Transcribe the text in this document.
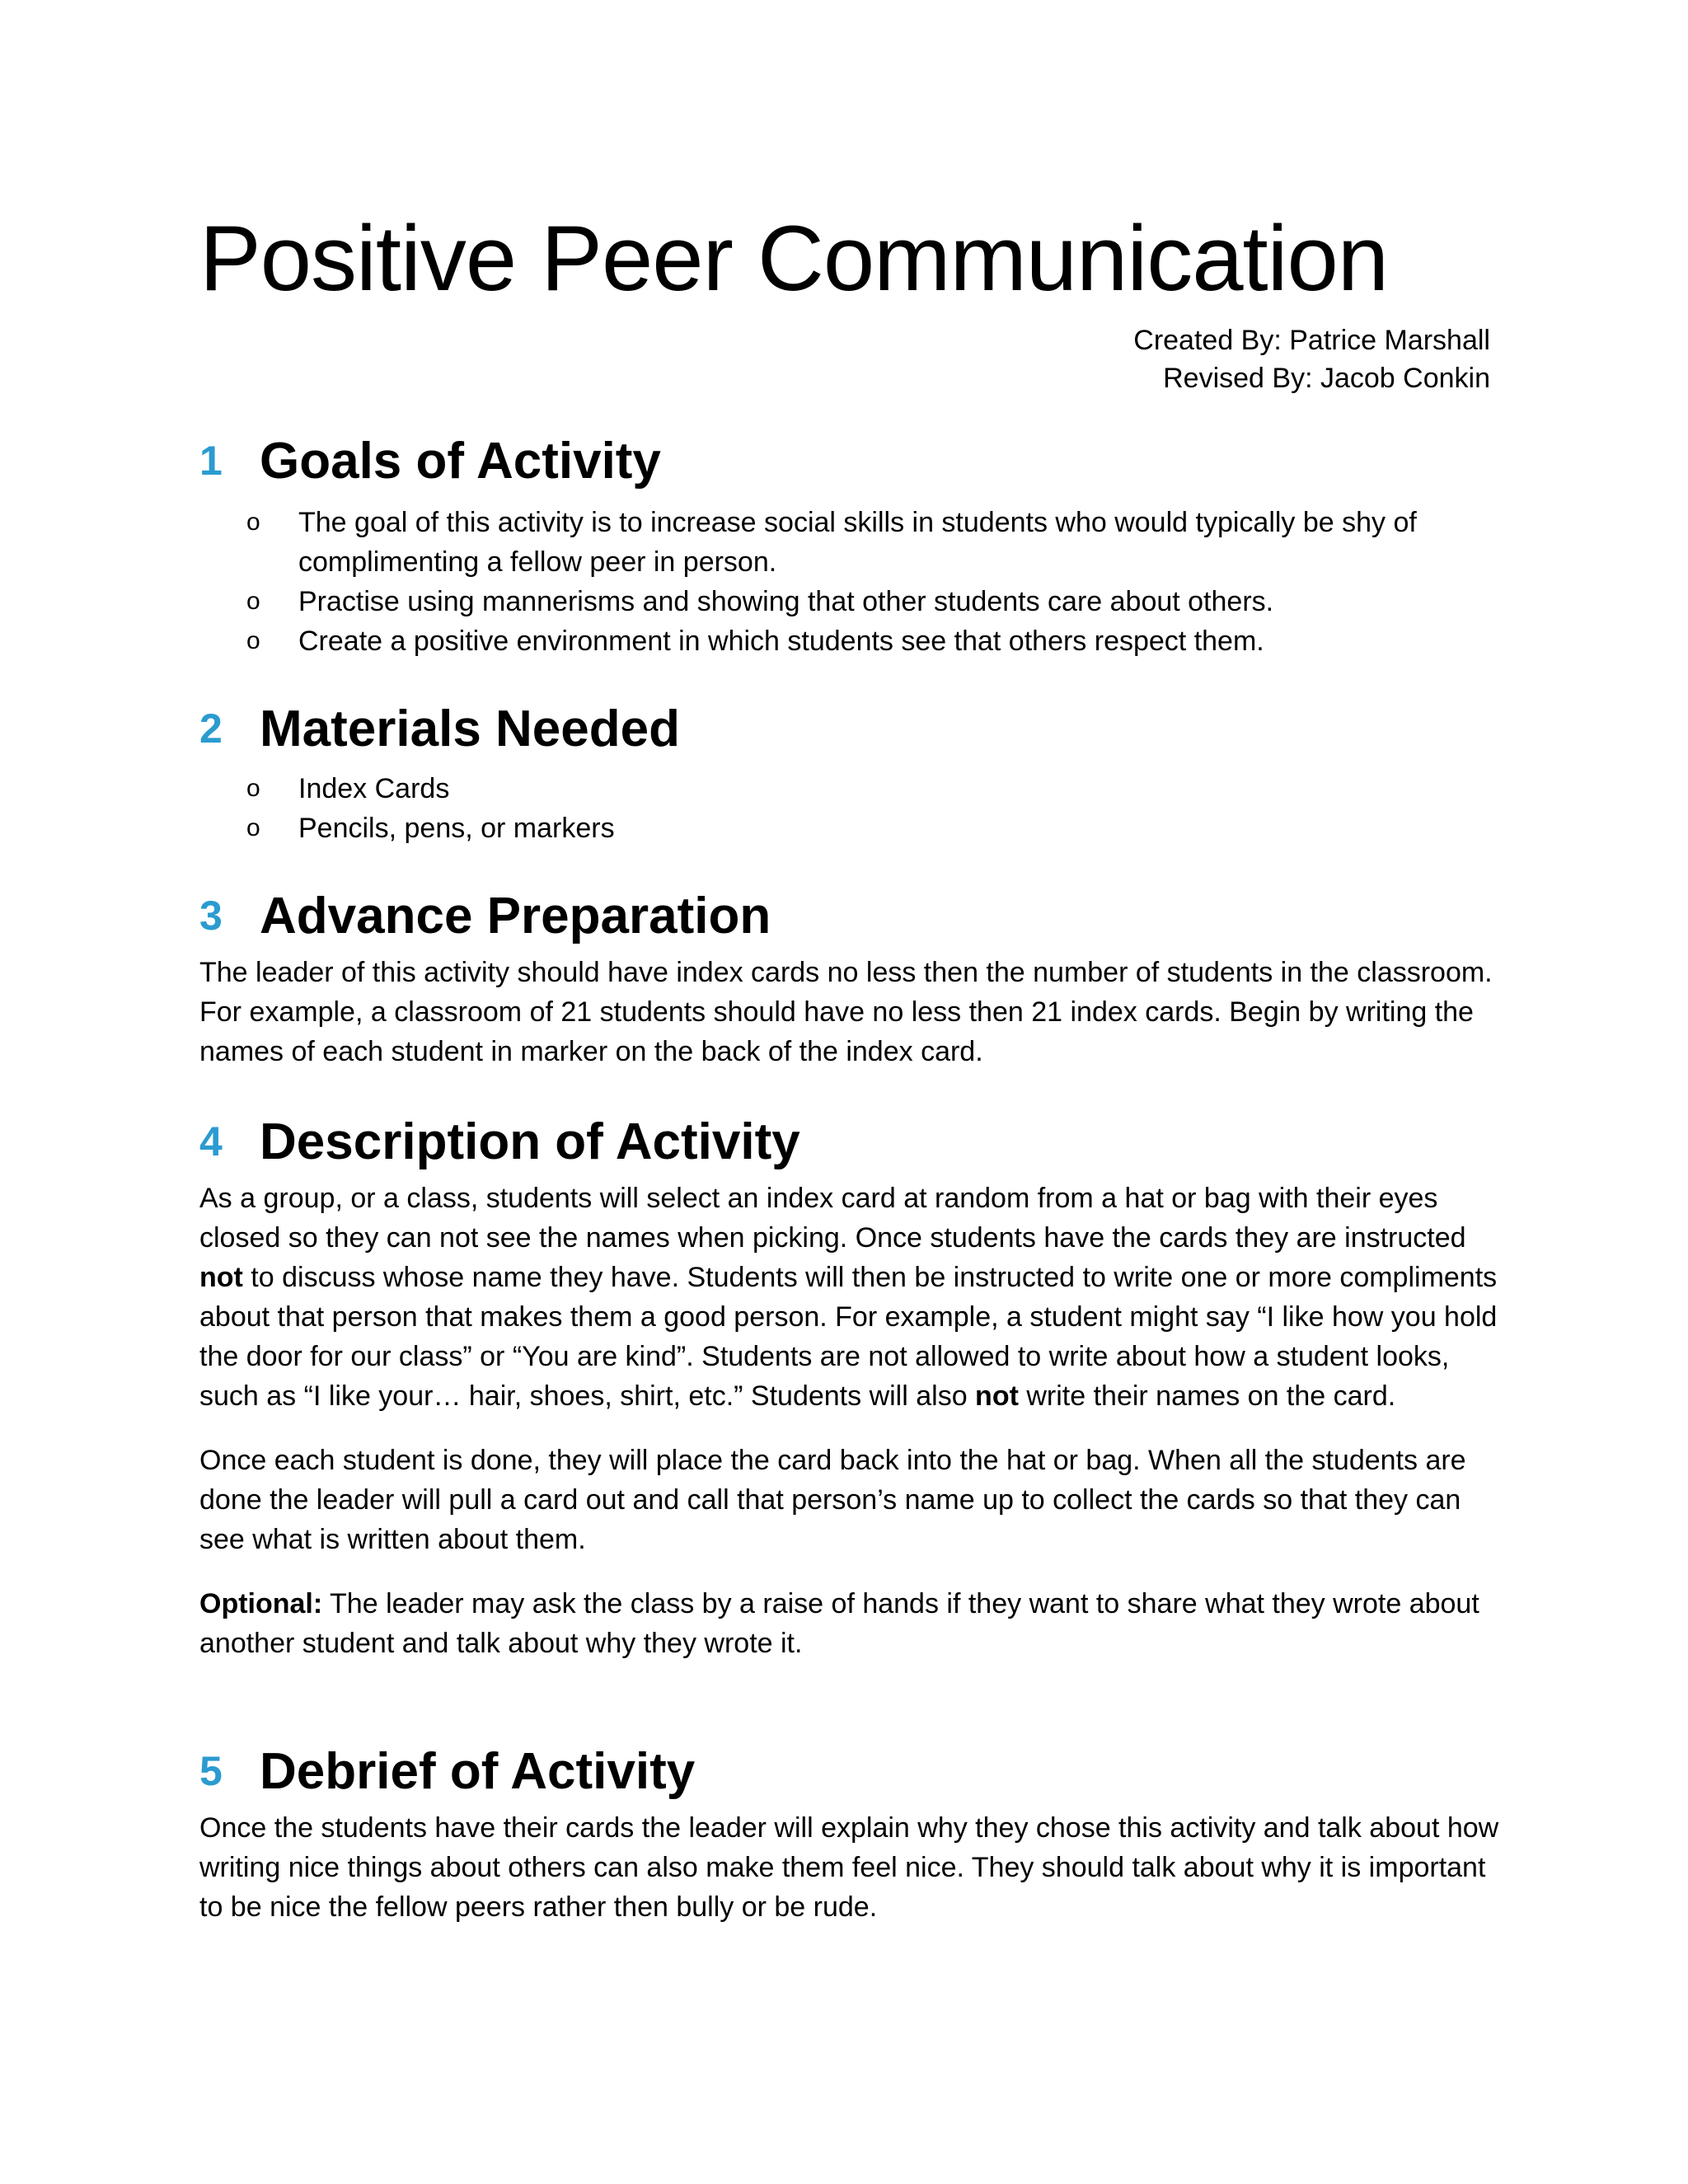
Positive Peer Communication
Created By: Patrice Marshall
Revised By: Jacob Conkin
1 Goals of Activity
o The goal of this activity is to increase social skills in students who would typically be shy of complimenting a fellow peer in person.
o Practise using mannerisms and showing that other students care about others.
o Create a positive environment in which students see that others respect them.
2 Materials Needed
o Index Cards
o Pencils, pens, or markers
3 Advance Preparation

The leader of this activity should have index cards no less then the number of students in the classroom. For example, a classroom of 21 students should have no less then 21 index cards. Begin by writing the names of each student in marker on the back of the index card.

4 Description of Activity

As a group, or a class, students will select an index card at random from a hat or bag with their eyes closed so they can not see the names when picking. Once students have the cards they are instructed not to discuss whose name they have. Students will then be instructed to write one or more compliments about that person that makes them a good person. For example, a student might say “I like how you hold the door for our class” or “You are kind”. Students are not allowed to write about how a student looks, such as “I like your… hair, shoes, shirt, etc.” Students will also not write their names on the card.

Once each student is done, they will place the card back into the hat or bag. When all the students are done the leader will pull a card out and call that person’s name up to collect the cards so that they can see what is written about them.

Optional: The leader may ask the class by a raise of hands if they want to share what they wrote about another student and talk about why they wrote it.

5 Debrief of Activity

Once the students have their cards the leader will explain why they chose this activity and talk about how writing nice things about others can also make them feel nice. They should talk about why it is important to be nice the fellow peers rather then bully or be rude.
